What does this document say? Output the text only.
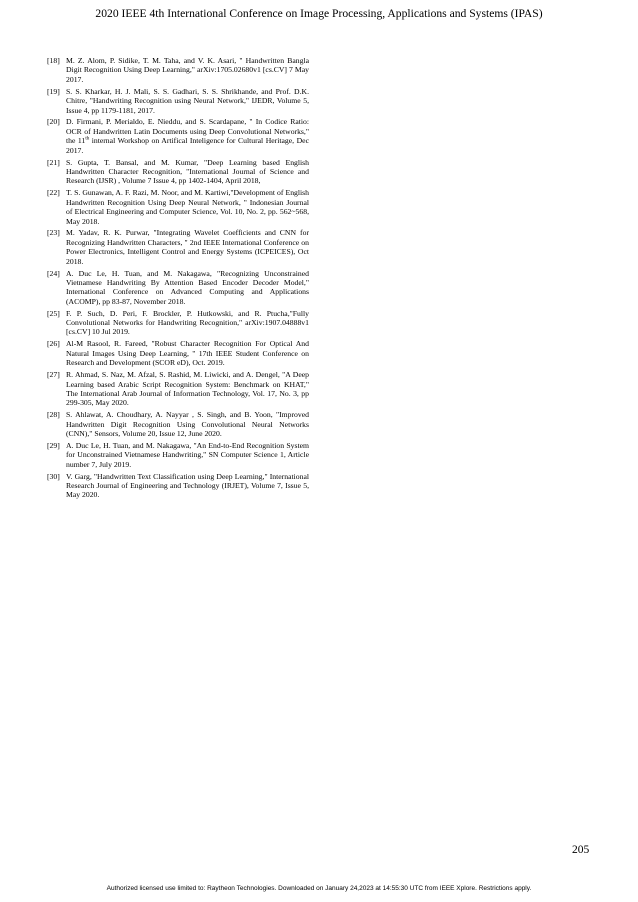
2020 IEEE 4th International Conference on Image Processing, Applications and Systems (IPAS)
[18] M. Z. Alom, P. Sidike, T. M. Taha, and V. K. Asari, " Handwritten Bangla Digit Recognition Using Deep Learning," arXiv:1705.02680v1 [cs.CV] 7 May 2017.
[19] S. S. Kharkar, H. J. Mali, S. S. Gadhari, S. S. Shrikhande, and Prof. D.K. Chitre, "Handwriting Recognition using Neural Network," IJEDR, Volume 5, Issue 4, pp 1179-1181, 2017.
[20] D. Firmani, P. Merialdo, E. Nieddu, and S. Scardapane, " In Codice Ratio: OCR of Handwritten Latin Documents using Deep Convolutional Networks," the 11th internal Workshop on Artifical Inteligence for Cultural Heritage, Dec 2017.
[21] S. Gupta, T. Bansal, and M. Kumar, "Deep Learning based English Handwritten Character Recognition, "International Journal of Science and Research (IJSR) , Volume 7 Issue 4, pp 1402-1404, April 2018,
[22] T. S. Gunawan, A. F. Razi, M. Noor, and M. Kartiwi,"Development of English Handwritten Recognition Using Deep Neural Network, " Indonesian Journal of Electrical Engineering and Computer Science, Vol. 10, No. 2, pp. 562~568, May 2018.
[23] M. Yadav, R. K. Purwar, "Integrating Wavelet Coefficients and CNN for Recognizing Handwritten Characters, " 2nd IEEE International Conference on Power Electronics, Intelligent Control and Energy Systems (ICPEICES), Oct 2018.
[24] A. Duc Le, H. Tuan, and M. Nakagawa, "Recognizing Unconstrained Vietnamese Handwriting By Attention Based Encoder Decoder Model," International Conference on Advanced Computing and Applications (ACOMP), pp 83-87, November 2018.
[25] F. P. Such, D. Peri, F. Brockler, P. Hutkowski, and R. Ptucha,"Fully Convolutional Networks for Handwriting Recognition," arXiv:1907.04888v1 [cs.CV] 10 Jul 2019.
[26] Al-M Rasool, R. Fareed, "Robust Character Recognition For Optical And Natural Images Using Deep Learning, " 17th IEEE Student Conference on Research and Development (SCOR eD), Oct. 2019.
[27] R. Ahmad, S. Naz, M. Afzal, S. Rashid, M. Liwicki, and A. Dengel, "A Deep Learning based Arabic Script Recognition System: Benchmark on KHAT," The International Arab Journal of Information Technology, Vol. 17, No. 3, pp 299-305, May 2020.
[28] S. Ahlawat, A. Choudhary, A. Nayyar , S. Singh, and B. Yoon, "Improved Handwritten Digit Recognition Using Convolutional Neural Networks (CNN)," Sensors, Volume 20, Issue 12, June 2020.
[29] A. Duc Le, H. Tuan, and M. Nakagawa, "An End‑to‑End Recognition System for Unconstrained Vietnamese Handwriting," SN Computer Science 1, Article number 7, July 2019.
[30] V. Garg, "Handwritten Text Classification using Deep Learning," International Research Journal of Engineering and Technology (IRJET), Volume 7, Issue 5, May 2020.
205
Authorized licensed use limited to: Raytheon Technologies. Downloaded on January 24,2023 at 14:55:30 UTC from IEEE Xplore. Restrictions apply.
